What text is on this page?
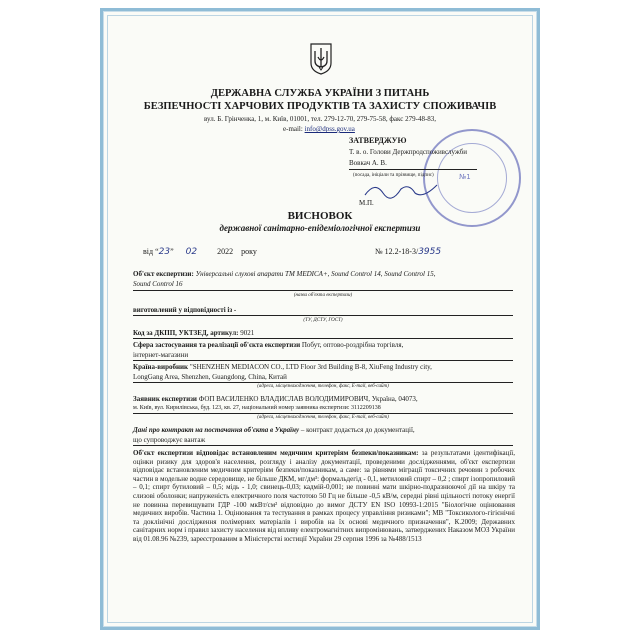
ДЕРЖАВНА СЛУЖБА УКРАЇНИ З ПИТАНЬ
БЕЗПЕЧНОСТІ ХАРЧОВИХ ПРОДУКТІВ ТА ЗАХИСТУ СПОЖИВАЧІВ
вул. Б. Грінченка, 1, м. Київ, 01001, тел. 279-12-70, 279-75-58, факс 279-48-83,
e-mail: info@dpss.gov.ua
№1
ЗАТВЕРДЖУЮ
Т. в. о. Голови Держпродспоживслужби
Вовкач А. В.
(посада, ініціали та прізвище, підпис)
М.П.
ВИСНОВОК
державної санітарно-епідеміологічної експертизи
від “23” 02	2022 року	№ 12.2-18-3/3955
Об'єкт експертизи: Універсальні слухові апарати ТМ MEDICA+, Sound Control 14, Sound Control 15,
Sound Control 16
(назва об'єкта експертизи)
виготовлений у відповідності із -
(ТУ, ДСТУ, ГОСТ)
Код за ДКПП, УКТЗЕД, артикул: 9021
Сфера застосування та реалізації об'єкта експертизи Побут, оптово-роздрібна торгівля,
інтернет-магазини
Країна-виробник "SHENZHEN MEDIACON CO., LTD Floor 3rd Building B-8, XiuFeng Industry city,
LongGang Area, Shenzhen, Guangdong, China, Китай
(адреса, місцезнаходження, телефон, факс, E-mail, веб-сайт)
Заявник експертизи ФОП ВАСИЛЕНКО ВЛАДИСЛАВ ВОЛОДИМИРОВИЧ, Україна, 04073,
м. Київ, вул. Кирилівська, буд. 123, кв. 27, національний номер заявника експертизи: 3112209138
(адреса, місцезнаходження, телефон, факс, E-mail, веб-сайт)
Дані про контракт на постачання об'єкта в Україну – контракт додається до документації,
що супроводжує вантаж
Об'єкт експертизи відповідає встановленим медичним критеріям безпеки/показникам: за результатами ідентифікації, оцінки ризику для здоров'я населення, розгляду і аналізу документації, проведеними дослідженнями, об'єкт експертизи відповідає встановленим медичним критеріям безпеки/показникам, а саме: за рівнями міграції токсичних речовин з робочих частин в модельне водне середовище, не більше ДКМ, мг/дм³: формальдегід - 0,1, метиловий спирт – 0,2 ; спирт ізопропиловий – 0,1; спирт бутиловий – 0,5; мідь - 1,0; свинець-0,03; кадмій-0,001; не повинні мати шкірно-подразнюючої дії на шкіру та слизові оболонки; напруженість електричного поля частотою 50 Гц не більше -0,5 кВ/м, середні рівні щільності потоку енергії не повинна перевищувати ГДР -100 мкВт/см² відповідно до вимог ДСТУ EN ISO 10993-1:2015 "Біологічне оцінювання медичних виробів. Частина 1. Оцінювання та тестування в рамках процесу управління ризиками"; МВ "Токсиколого-гігієнічні та доклінічні дослідження полімерних матеріалів і виробів на їх основі медичного призначення", К.2009; Державних санітарних норм і правил захисту населення від впливу електромагнітних випромінювань, затверджених Наказом МОЗ України від 01.08.96 №239, зареєстрованим в Міністерстві юстиції України 29 серпня 1996 за №488/1513
